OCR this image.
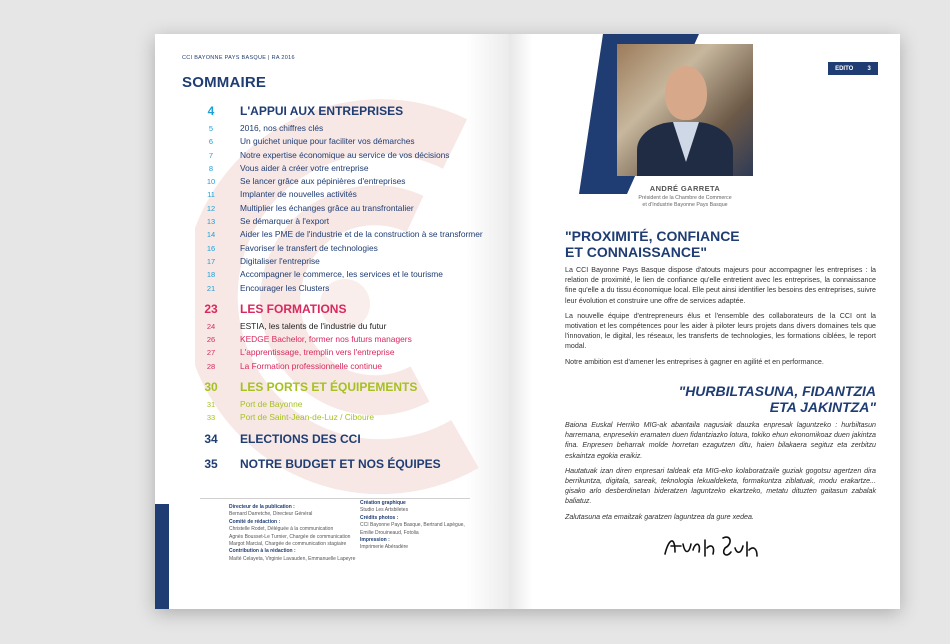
CCI BAYONNE PAYS BASQUE | RA 2016
SOMMAIRE
4	L'APPUI AUX ENTREPRISES
5	2016, nos chiffres clés
6	Un guichet unique pour faciliter vos démarches
7	Notre expertise économique au service de vos décisions
8	Vous aider à créer votre entreprise
10	Se lancer grâce aux pépinières d'entreprises
11	Implanter de nouvelles activités
12	Multiplier les échanges grâce au transfrontalier
13	Se démarquer à l'export
14	Aider les PME de l'industrie et de la construction à se transformer
16	Favoriser le transfert de technologies
17	Digitaliser l'entreprise
18	Accompagner le commerce, les services et le tourisme
21	Encourager les Clusters
23	LES FORMATIONS
24	ESTIA, les talents de l'industrie du futur
26	KEDGE Bachelor, former nos futurs managers
27	L'apprentissage, tremplin vers l'entreprise
28	La Formation professionnelle continue
30	LES PORTS ET ÉQUIPEMENTS
31	Port de Bayonne
33	Port de Saint-Jean-de-Luz / Ciboure
34	ELECTIONS DES CCI
35	NOTRE BUDGET ET NOS ÉQUIPES
Directeur de la publication :
Bernard Darretche, Directeur Général

Comité de rédaction :
Christelle Rodet, Déléguée à la communication
Agnès Bousset-Le Turnier, Chargée de communication
Margot Marcial, Chargée de communication stagiaire

Contribution à la rédaction :
Maïté Celayeta, Virginie Lavauden, Emmanuelle Lapeyre
Création graphique
Studio Les Artsbiletes

Crédits photos :
CCI Bayonne Pays Basque, Bertrand Lapègue,
Emilie Drouineaud, Fotolia

Impression :
Imprimerie Abéradère
EDITO 3
ANDRÉ GARRETA
Président de la Chambre de Commerce
et d'Industrie Bayonne Pays Basque
"PROXIMITÉ, CONFIANCE
ET CONNAISSANCE"

La CCI Bayonne Pays Basque dispose d'atouts majeurs pour accompagner les entreprises : la relation de proximité, le lien de confiance qu'elle entretient avec les entreprises, la connaissance fine qu'elle a du tissu économique local. Elle peut ainsi identifier les besoins des entreprises, suivre leur évolution et construire une offre de services adaptée.

La nouvelle équipe d'entrepreneurs élus et l'ensemble des collaborateurs de la CCI ont la motivation et les compétences pour les aider à piloter leurs projets dans divers domaines tels que l'innovation, le digital, les réseaux, les transferts de technologies, les formations ciblées, le report modal.

Notre ambition est d'amener les entreprises à gagner en agilité et en performance.

"HURBILTASUNA, FIDANTZIA
ETA JAKINTZA"

Baiona Euskal Herriko MIG-ak abantaila nagusiak dauzka enpresak laguntzeko : hurbiltasun harremana, enpresekin eramaten duen fidantziazko lotura, tokiko ehun ekonomikoaz duen jakintza fina. Enpresen beharrak molde horretan ezagutzen ditu, haien bilakaera segituz eta zerbitzu eskaintza egokia eraikiz.

Hautatuak izan diren enpresari taldeak eta MIG-eko kolaboratzaile guziak gogotsu agertzen dira berrikuntza, digitala, sareak, teknologia lekualdeketa, formakuntza ziblatuak, modu erakartze... gisako arlo desberdinetan bideratzen laguntzeko ekartzeko, metatu dituzten gaitasun zabalak baliatuz.

Zalutasuna eta emaitzak garatzen laguntzea da gure xedea.
